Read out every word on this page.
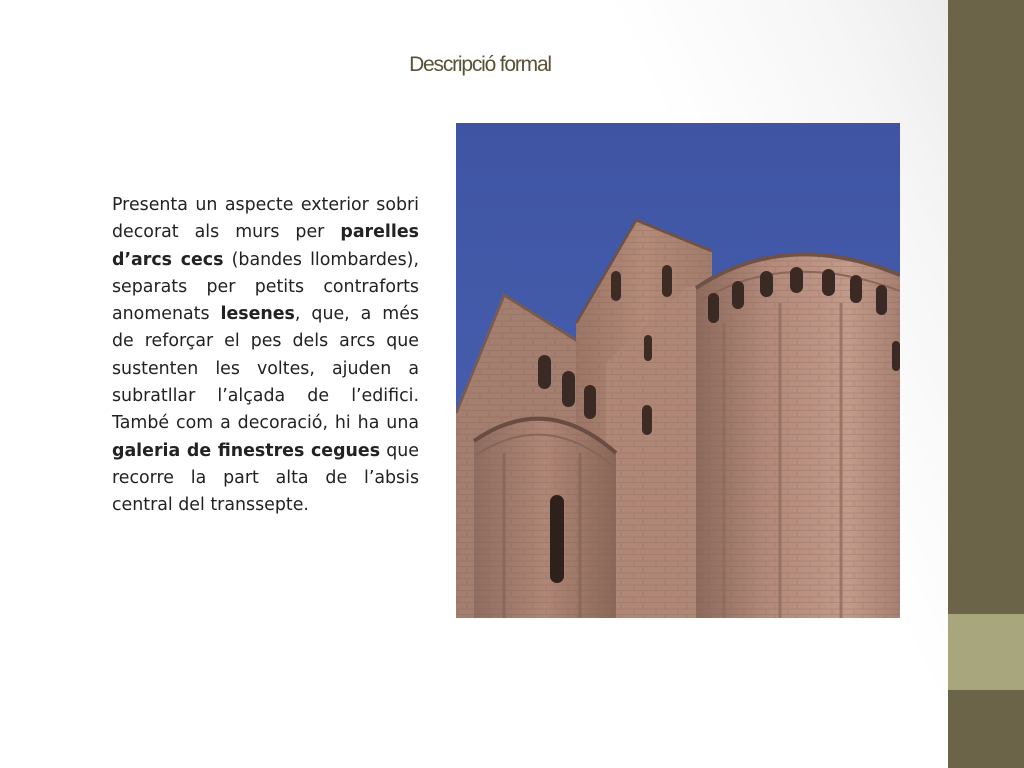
Descripció formal

Presenta un aspecte exterior sobri decorat als murs per parelles d’arcs cecs (bandes llombardes), separats per petits contraforts anomenats lesenes, que, a més de reforçar el pes dels arcs que sustenten les voltes, ajuden a subratllar l’alçada de l’edifici. També com a decoració, hi ha una galeria de finestres cegues que recorre la part alta de l’absis central del transsepte.
